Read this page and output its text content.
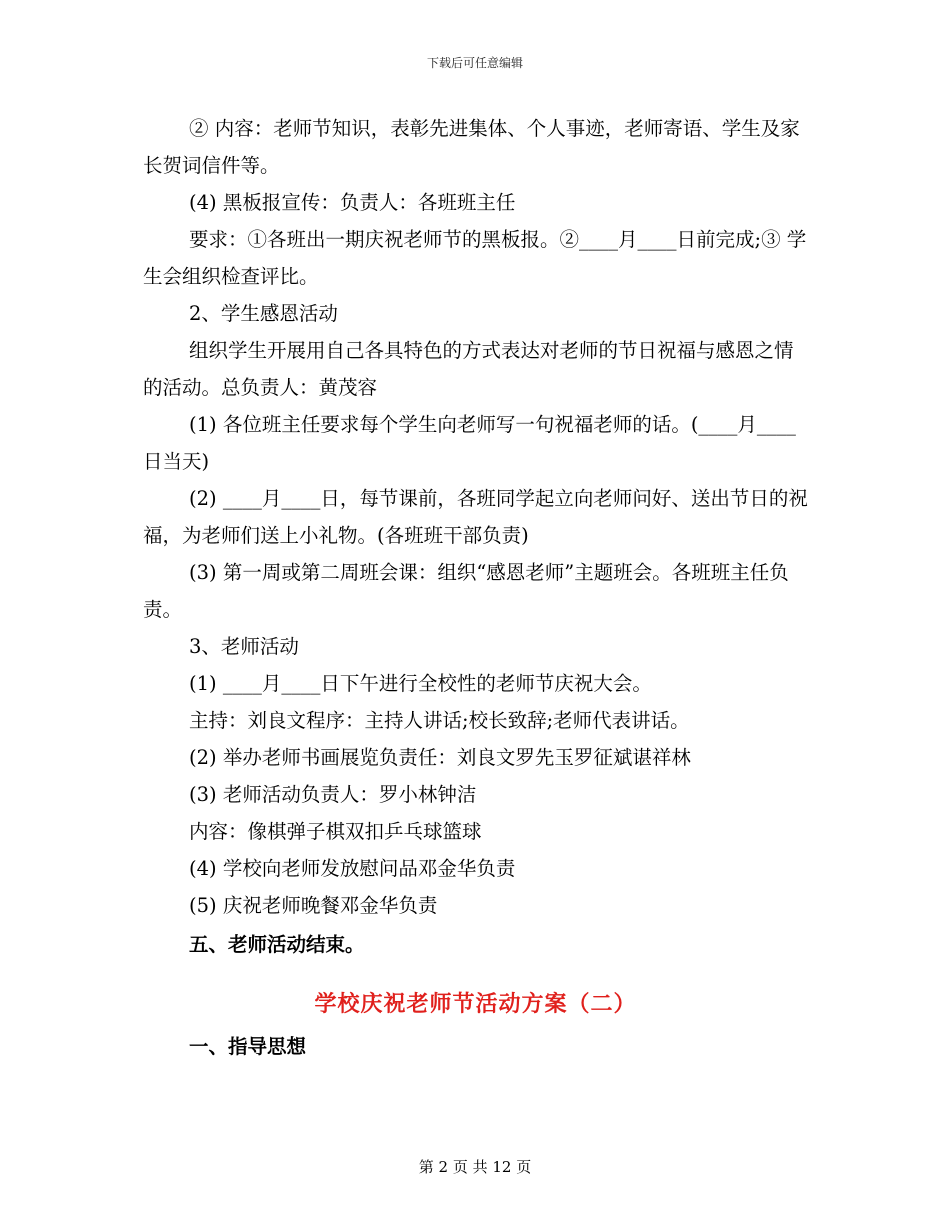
下载后可任意编辑

② 内容：老师节知识，表彰先进集体、个人事迹，老师寄语、学生及家长贺词信件等。

(4) 黑板报宣传：负责人：各班班主任

要求：①各班出一期庆祝老师节的黑板报。②____月____日前完成;③ 学生会组织检查评比。

2、学生感恩活动

组织学生开展用自己各具特色的方式表达对老师的节日祝福与感恩之情的活动。总负责人：黄茂容

(1) 各位班主任要求每个学生向老师写一句祝福老师的话。(____月____日当天)

(2) ____月____日，每节课前，各班同学起立向老师问好、送出节日的祝福，为老师们送上小礼物。(各班班干部负责)

(3) 第一周或第二周班会课：组织“感恩老师”主题班会。各班班主任负责。

3、老师活动

(1) ____月____日下午进行全校性的老师节庆祝大会。

主持：刘良文程序：主持人讲话;校长致辞;老师代表讲话。

(2) 举办老师书画展览负责任：刘良文罗先玉罗征斌谌祥林

(3) 老师活动负责人：罗小林钟洁

内容：像棋弹子棋双扣乒乓球篮球

(4) 学校向老师发放慰问品邓金华负责

(5) 庆祝老师晚餐邓金华负责

五、老师活动结束。

学校庆祝老师节活动方案（二）

一、指导思想

第 2 页 共 12 页
